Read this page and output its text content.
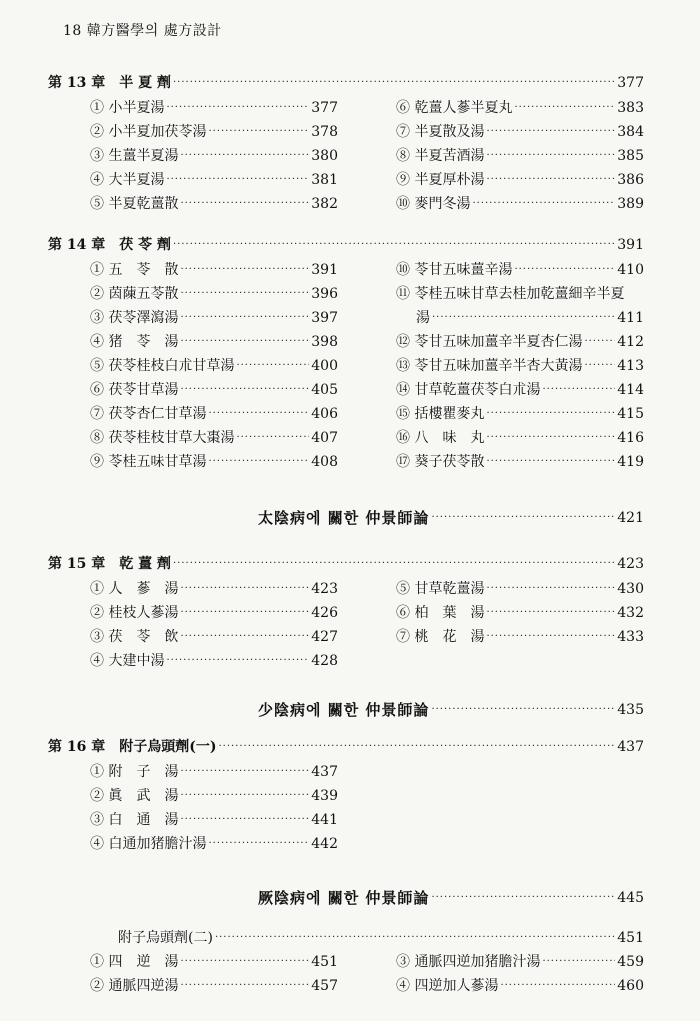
18 韓方醫學의 處方設計
第 13 章　半 夏 劑 ·····	377
① 小半夏湯 ·····	377
② 小半夏加茯苓湯 ·····	378
③ 生薑半夏湯 ·····	380
④ 大半夏湯 ·····	381
⑤ 半夏乾薑散 ·····	382
⑥ 乾薑人蔘半夏丸 ·····	383
⑦ 半夏散及湯 ·····	384
⑧ 半夏苦酒湯 ·····	385
⑨ 半夏厚朴湯 ·····	386
⑩ 麥門冬湯 ·····	389
第 14 章　茯 苓 劑 ·····	391
① 五　苓　散 ·····	391
② 茵蔯五苓散 ·····	396
③ 茯苓澤瀉湯 ·····	397
④ 猪　苓　湯 ·····	398
⑤ 茯苓桂枝白朮甘草湯 ·····	400
⑥ 茯苓甘草湯 ·····	405
⑦ 茯苓杏仁甘草湯 ·····	406
⑧ 茯苓桂枝甘草大棗湯 ·····	407
⑨ 苓桂五味甘草湯 ·····	408
⑩ 苓甘五味薑辛湯 ·····	410
⑪ 苓桂五味甘草去桂加乾薑細辛半夏
湯 ·····	411
⑫ 苓甘五味加薑辛半夏杏仁湯 ····· 412
⑬ 苓甘五味加薑辛半杏大黃湯 ····· 413
⑭ 甘草乾薑茯苓白朮湯 ·····	414
⑮ 括樓瞿麥丸 ·····	415
⑯ 八　味　丸 ·····	416
⑰ 葵子茯苓散 ·····	419
太陰病에 關한 仲景師論 ·····	421
第 15 章　乾 薑 劑 ·····	423
① 人　蔘　湯 ·····	423
② 桂枝人蔘湯 ·····	426
③ 茯　苓　飲 ·····	427
④ 大建中湯 ·····	428
⑤ 甘草乾薑湯 ·····	430
⑥ 柏　葉　湯 ·····	432
⑦ 桃　花　湯 ·····	433
少陰病에 關한 仲景師論 ·····	435
第 16 章　附子烏頭劑(一) ·····	437
① 附　子　湯 ·····	437
② 眞　武　湯 ·····	439
③ 白　通　湯 ·····	441
④ 白通加猪膽汁湯 ·····	442
厥陰病에 關한 仲景師論 ·····	445
附子烏頭劑(二) ·····	451
① 四　逆　湯 ·····	451
② 通脈四逆湯 ·····	457
③ 通脈四逆加猪膽汁湯 ·····	459
④ 四逆加人蔘湯 ·····	460
